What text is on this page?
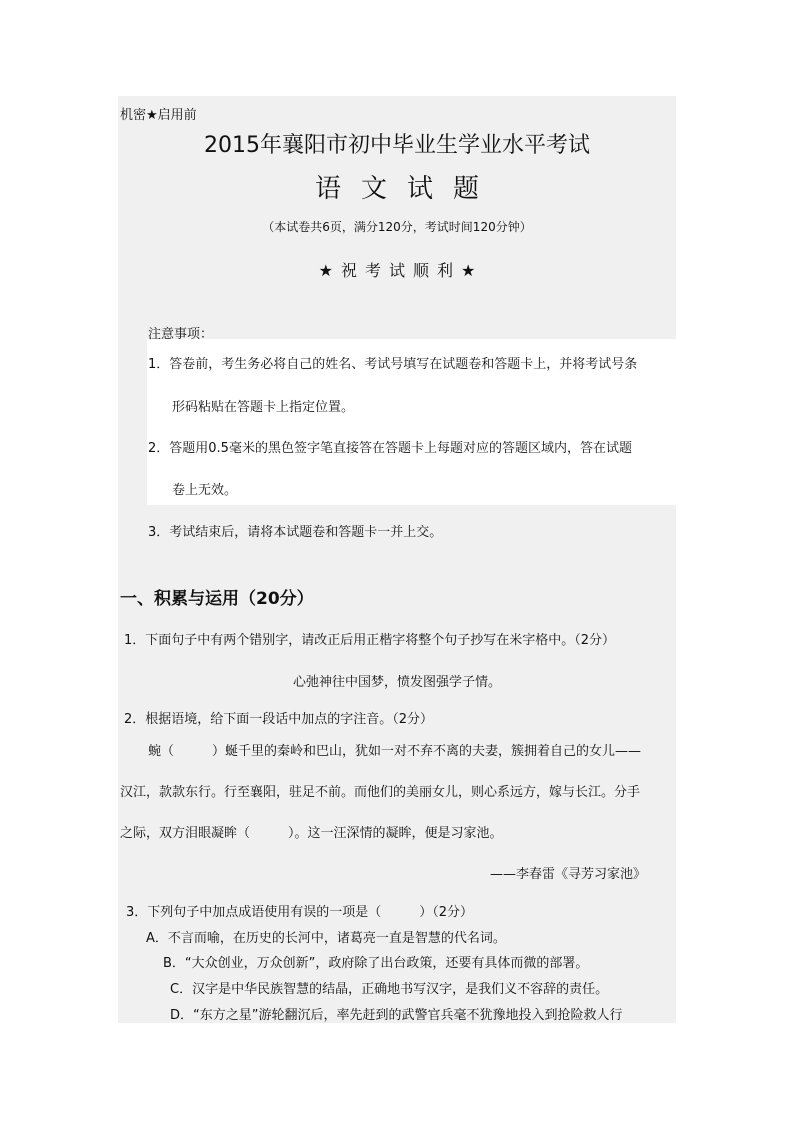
机密★启用前
2015年襄阳市初中毕业生学业水平考试
语文试题
（本试卷共6页，满分120分，考试时间120分钟）
★祝考试顺利★
注意事项：
1．答卷前，考生务必将自己的姓名、考试号填写在试题卷和答题卡上，并将考试号条
形码粘贴在答题卡上指定位置。
2．答题用0.5毫米的黑色签字笔直接答在答题卡上每题对应的答题区域内，答在试题
卷上无效。
3．考试结束后，请将本试题卷和答题卡一并上交。
一、积累与运用（20分）
1．下面句子中有两个错别字，请改正后用正楷字将整个句子抄写在米字格中。（2分）
心弛神往中国梦，愤发图强学子情。
2．根据语境，给下面一段话中加点的字注音。（2分）
蜿（	）蜒千里的秦岭和巴山，犹如一对不弃不离的夫妻，簇拥着自己的女儿——
汉江，款款东行。行至襄阳，驻足不前。而他们的美丽女儿，则心系远方，嫁与长江。分手
之际，双方泪眼凝眸（	）。这一汪深情的凝眸，便是习家池。
——李春雷《寻芳习家池》
3．下列句子中加点成语使用有误的一项是（	）（2分）
A．不言而喻，在历史的长河中，诸葛亮一直是智慧的代名词。
B．“大众创业，万众创新”，政府除了出台政策，还要有具体而微的部署。
C．汉字是中华民族智慧的结晶，正确地书写汉字，是我们义不容辞的责任。
D．“东方之星”游轮翻沉后，率先赶到的武警官兵毫不犹豫地投入到抢险救人行
